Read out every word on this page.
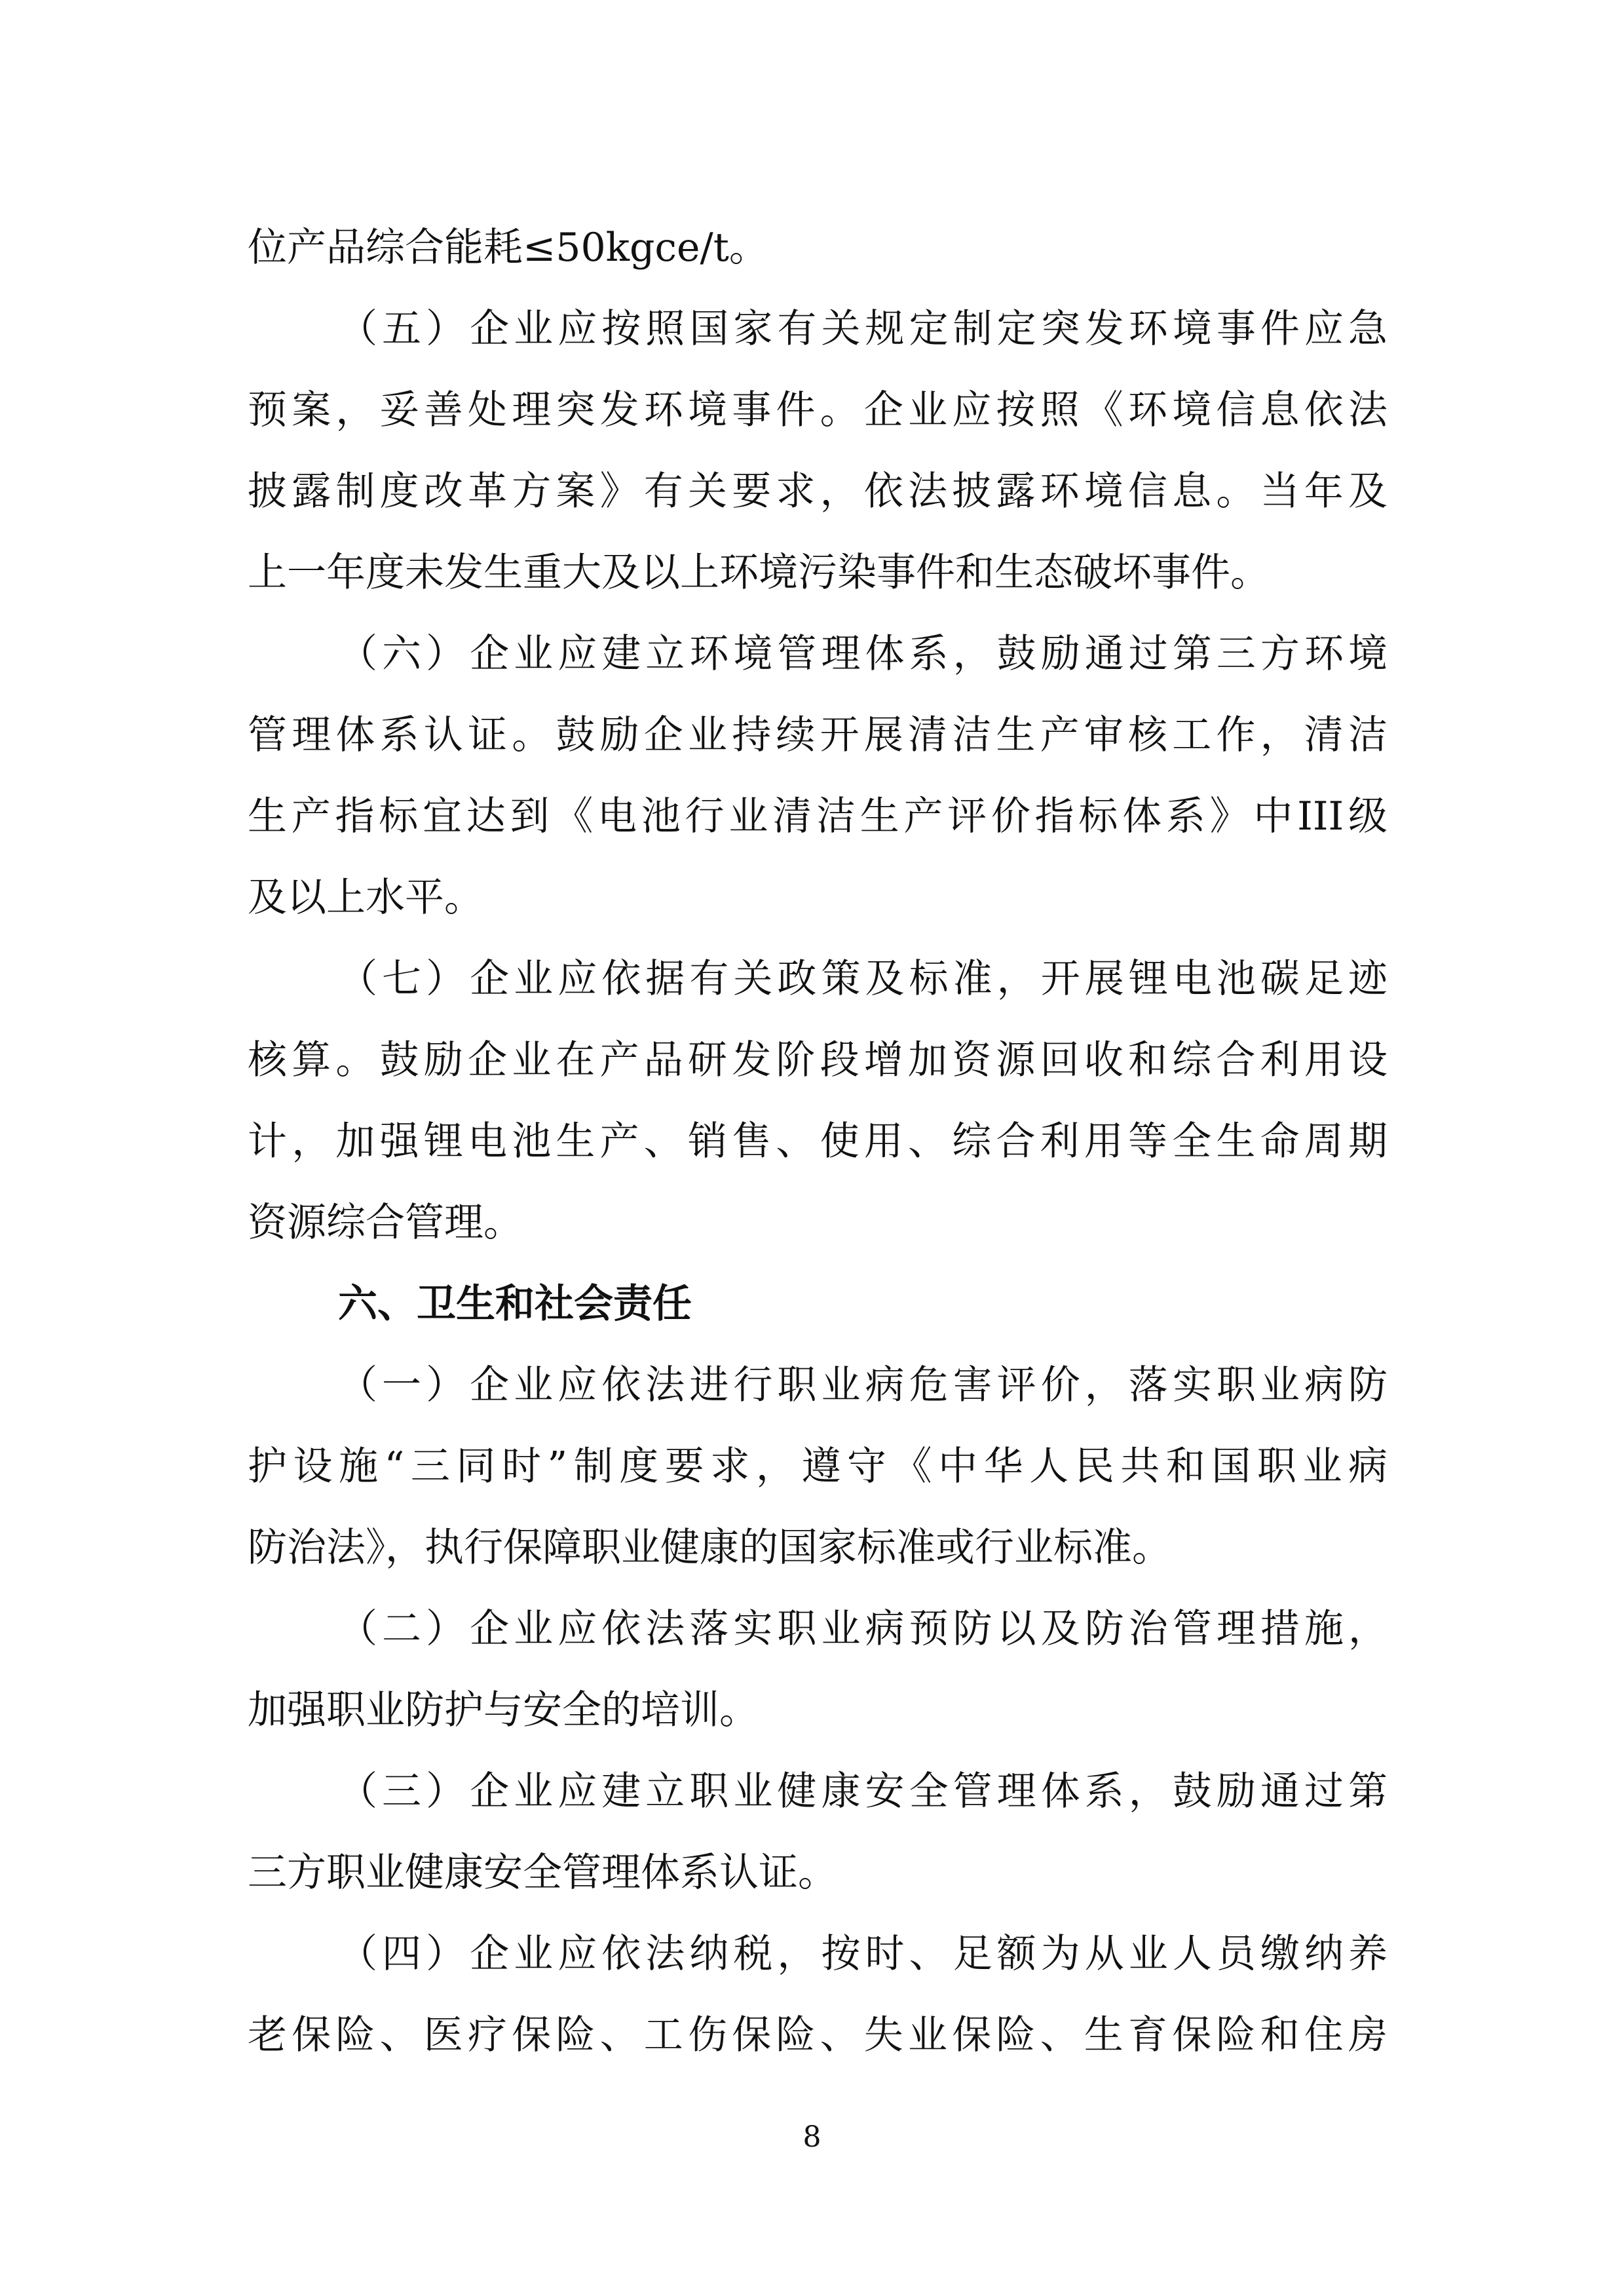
位产品综合能耗≤50kgce/t。
（五）企业应按照国家有关规定制定突发环境事件应急
预案，妥善处理突发环境事件。企业应按照《环境信息依法
披露制度改革方案》有关要求，依法披露环境信息。当年及
上一年度未发生重大及以上环境污染事件和生态破坏事件。
（六）企业应建立环境管理体系，鼓励通过第三方环境
管理体系认证。鼓励企业持续开展清洁生产审核工作，清洁
生产指标宜达到《电池行业清洁生产评价指标体系》中III级
及以上水平。
（七）企业应依据有关政策及标准，开展锂电池碳足迹
核算。鼓励企业在产品研发阶段增加资源回收和综合利用设
计，加强锂电池生产、销售、使用、综合利用等全生命周期
资源综合管理。
六、卫生和社会责任
（一）企业应依法进行职业病危害评价，落实职业病防
护设施“三同时”制度要求，遵守《中华人民共和国职业病
防治法》，执行保障职业健康的国家标准或行业标准。
（二）企业应依法落实职业病预防以及防治管理措施，
加强职业防护与安全的培训。
（三）企业应建立职业健康安全管理体系，鼓励通过第
三方职业健康安全管理体系认证。
（四）企业应依法纳税，按时、足额为从业人员缴纳养
老保险、医疗保险、工伤保险、失业保险、生育保险和住房
8
